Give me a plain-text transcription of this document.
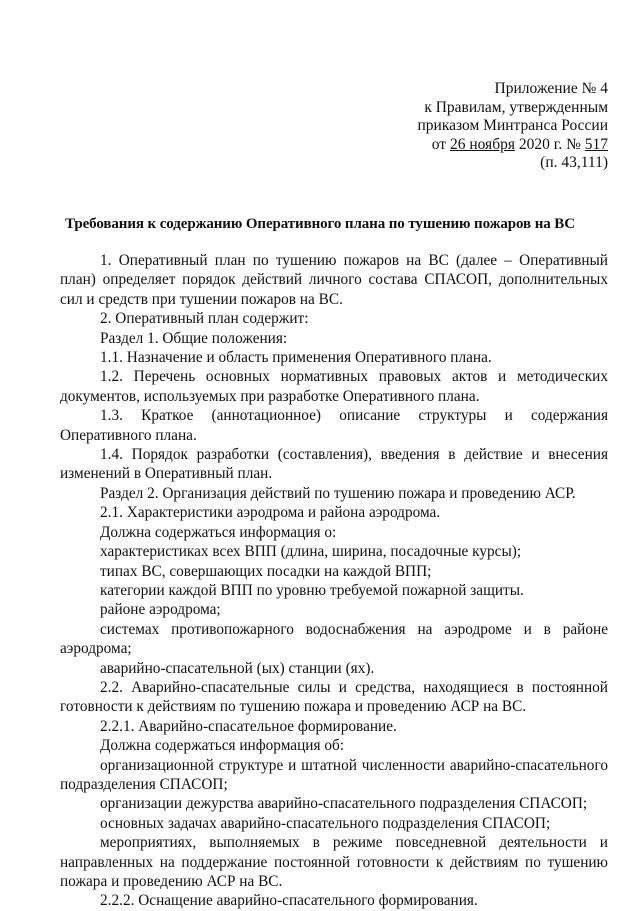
Приложение № 4
к Правилам, утвержденным
приказом Минтранса России
от 26 ноября 2020 г. № 517
(п. 43,111)
Требования к содержанию Оперативного плана по тушению пожаров на ВС

1. Оперативный план по тушению пожаров на ВС (далее – Оперативный план) определяет порядок действий личного состава СПАСОП, дополнительных сил и средств при тушении пожаров на ВС.

2. Оперативный план содержит:

Раздел 1. Общие положения:

1.1. Назначение и область применения Оперативного плана.

1.2. Перечень основных нормативных правовых актов и методических документов, используемых при разработке Оперативного плана.

1.3. Краткое (аннотационное) описание структуры и содержания Оперативного плана.

1.4. Порядок разработки (составления), введения в действие и внесения изменений в Оперативный план.

Раздел 2. Организация действий по тушению пожара и проведению АСР.

2.1. Характеристики аэродрома и района аэродрома.

Должна содержаться информация о:

характеристиках всех ВПП (длина, ширина, посадочные курсы);

типах ВС, совершающих посадки на каждой ВПП;

категории каждой ВПП по уровню требуемой пожарной защиты.

районе аэродрома;

системах противопожарного водоснабжения на аэродроме и в районе аэродрома;

аварийно-спасательной (ых) станции (ях).

2.2. Аварийно-спасательные силы и средства, находящиеся в постоянной готовности к действиям по тушению пожара и проведению АСР на ВС.

2.2.1. Аварийно-спасательное формирование.

Должна содержаться информация об:

организационной структуре и штатной численности аварийно-спасательного подразделения СПАСОП;

организации дежурства аварийно-спасательного подразделения СПАСОП;

основных задачах аварийно-спасательного подразделения СПАСОП;

мероприятиях, выполняемых в режиме повседневной деятельности и направленных на поддержание постоянной готовности к действиям по тушению пожара и проведению АСР на ВС.

2.2.2. Оснащение аварийно-спасательного формирования.
